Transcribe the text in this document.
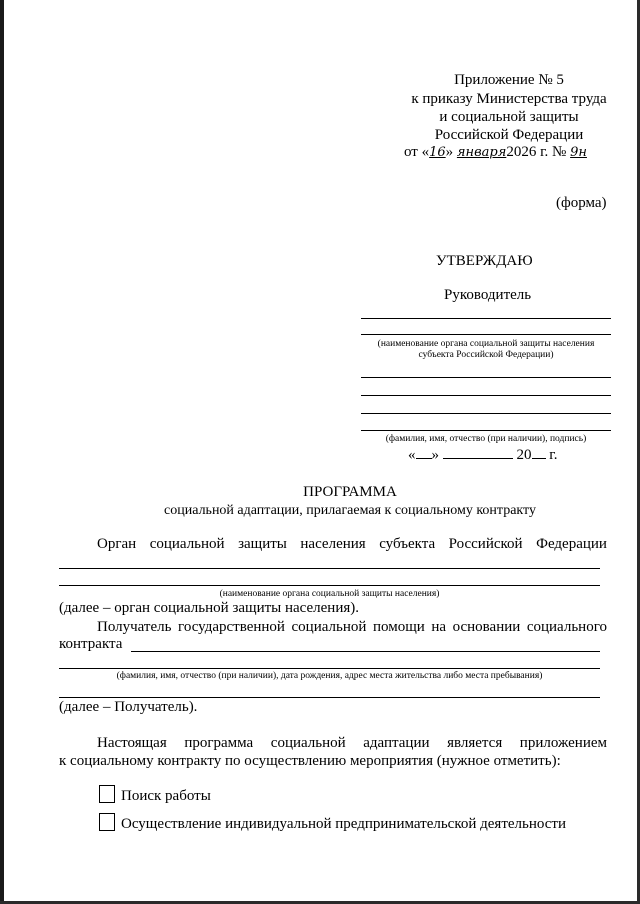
Приложение № 5
к приказу Министерства труда
и социальной защиты
Российской Федерации
от «16» января2026 г. № 9н
(форма)
УТВЕРЖДАЮ
Руководитель
(наименование органа социальной защиты населения
субъекта Российской Федерации)
(фамилия, имя, отчество (при наличии), подпись)
« »	20 г.
ПРОГРАММА
социальной адаптации, прилагаемая к социальному контракту
Орган социальной защиты населения субъекта Российской Федерации
(наименование органа социальной защиты населения)
(далее – орган социальной защиты населения).
Получатель государственной социальной помощи на основании социального
контракта
(фамилия, имя, отчество (при наличии), дата рождения, адрес места жительства либо места пребывания)
(далее – Получатель).
Настоящая программа социальной адаптации является приложением
к социальному контракту по осуществлению мероприятия (нужное отметить):
Поиск работы
Осуществление индивидуальной предпринимательской деятельности
